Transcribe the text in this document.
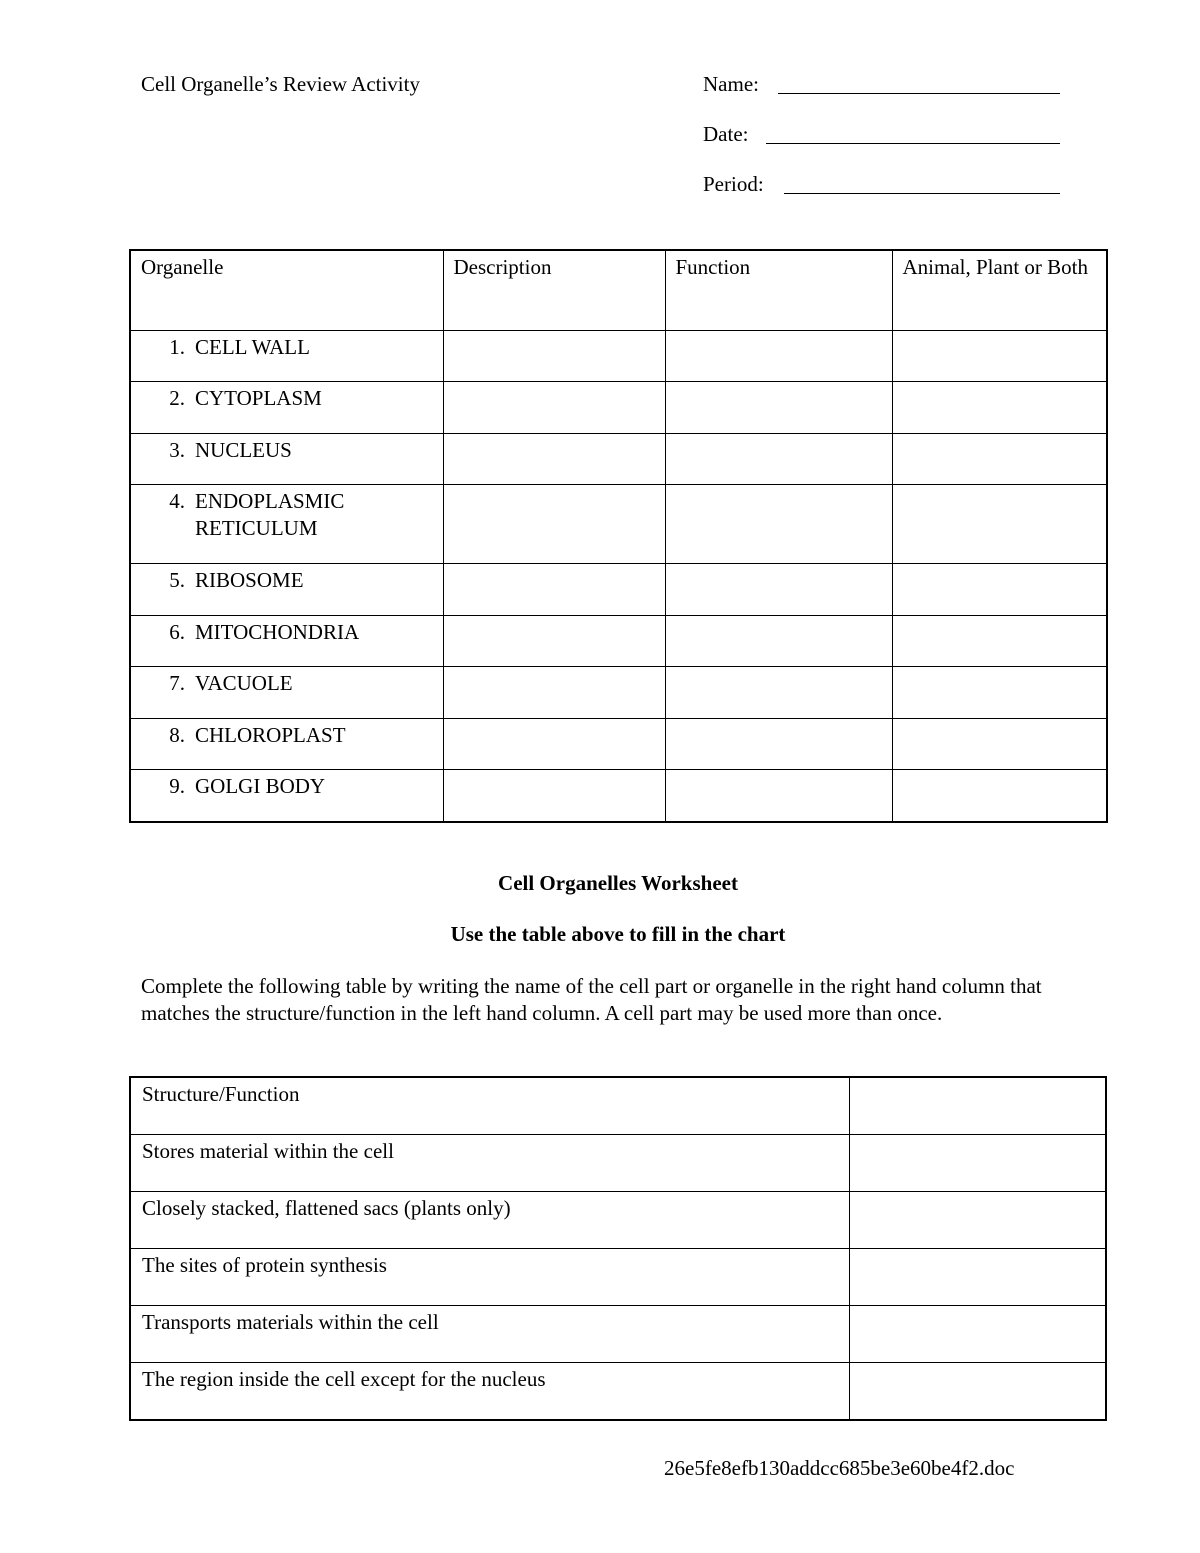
Cell Organelle’s Review Activity	Name:
Date:
Period:
Organelle	Description	Function	Animal, Plant or Both
1. CELL WALL			
2. CYTOPLASM			
3. NUCLEUS			
4. ENDOPLASMIC RETICULUM			
5. RIBOSOME			
6. MITOCHONDRIA			
7. VACUOLE			
8. CHLOROPLAST			
9. GOLGI BODY			
Cell Organelles Worksheet
Use the table above to fill in the chart
Complete the following table by writing the name of the cell part or organelle in the right hand column that matches the structure/function in the left hand column. A cell part may be used more than once.
Structure/Function	
Stores material within the cell	
Closely stacked, flattened sacs (plants only)	
The sites of protein synthesis	
Transports materials within the cell	
The region inside the cell except for the nucleus	
26e5fe8efb130addcc685be3e60be4f2.doc
